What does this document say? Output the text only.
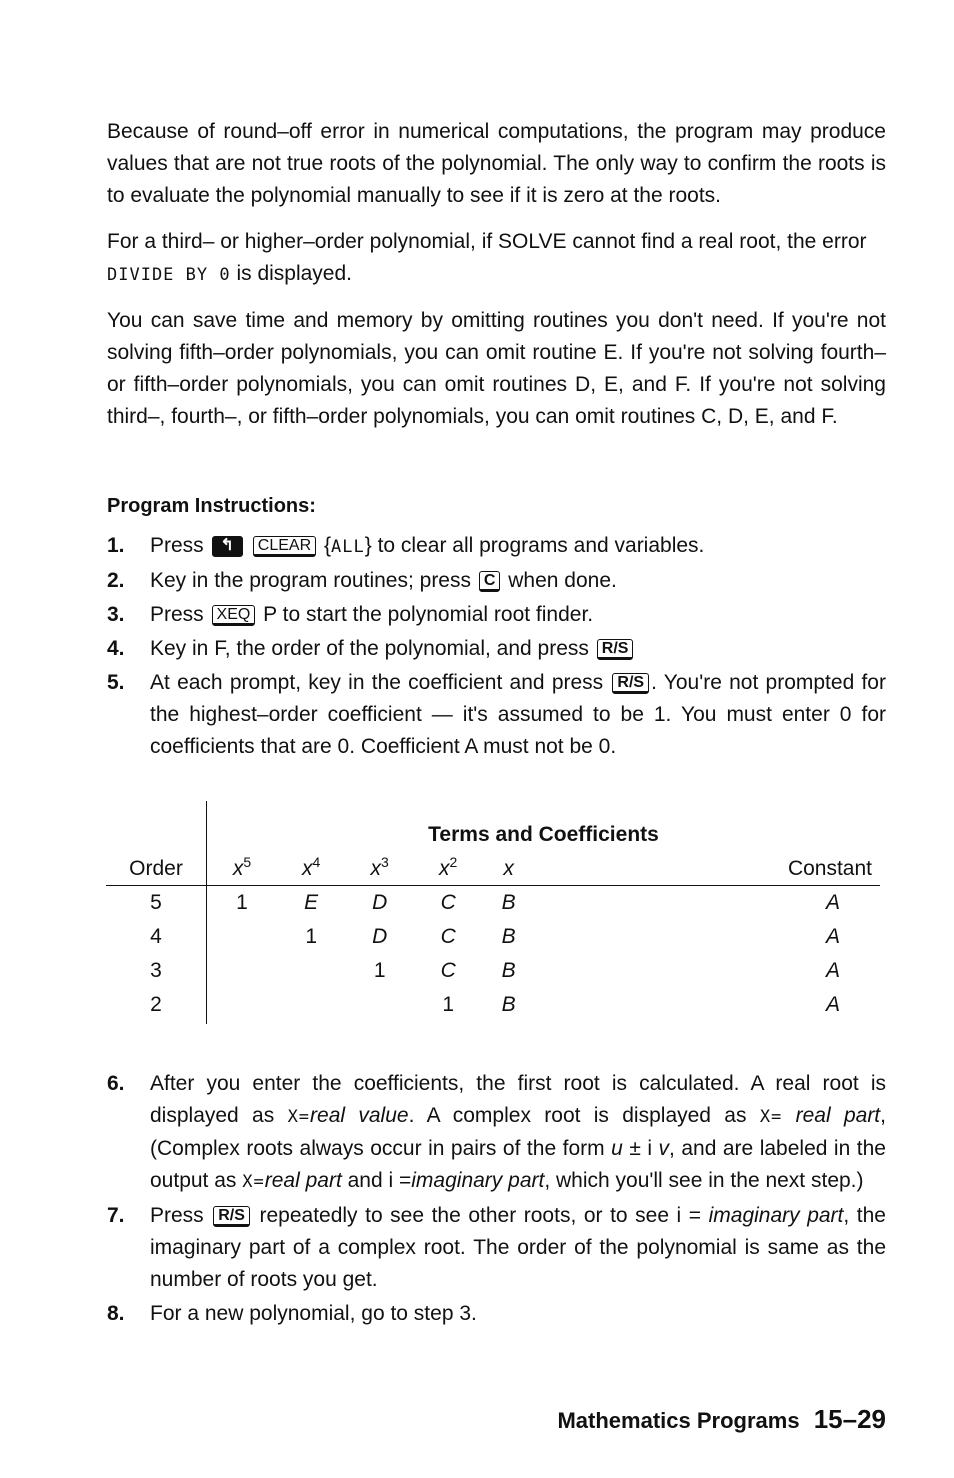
Because of round–off error in numerical computations, the program may produce values that are not true roots of the polynomial. The only way to confirm the roots is to evaluate the polynomial manually to see if it is zero at the roots.

For a third– or higher–order polynomial, if SOLVE cannot find a real root, the error
DIVIDE BY 0 is displayed.

You can save time and memory by omitting routines you don't need. If you're not solving fifth–order polynomials, you can omit routine E. If you're not solving fourth– or fifth–order polynomials, you can omit routines D, E, and F. If you're not solving third–, fourth–, or fifth–order polynomials, you can omit routines C, D, E, and F.

Program Instructions:
1.	Press ↰ CLEAR {ALL} to clear all programs and variables.
2.	Key in the program routines; press C when done.
3.	Press XEQ P to start the polynomial root finder.
4.	Key in F, the order of the polynomial, and press R/S
5.	At each prompt, key in the coefficient and press R/S . You're not prompted for the highest–order coefficient — it's assumed to be 1. You must enter 0 for coefficients that are 0. Coefficient A must not be 0.
	Terms and Coefficients					
Order	$x^5$	$x^4$	$x^3$	$x^2$	x	Constant
5	1	E	D	C	B	A
4		1	D	C	B	A
3			1	C	B	A
2				1	B	A
6.	After you enter the coefficients, the first root is calculated. A real root is displayed as X=real value. A complex root is displayed as X= real part, (Complex roots always occur in pairs of the form u ± i v, and are labeled in the output as X=real part and i =imaginary part, which you'll see in the next step.)
7.	Press R/S repeatedly to see the other roots, or to see i = imaginary part, the imaginary part of a complex root. The order of the polynomial is same as the number of roots you get.
8.	For a new polynomial, go to step 3.
Mathematics Programs 15–29
